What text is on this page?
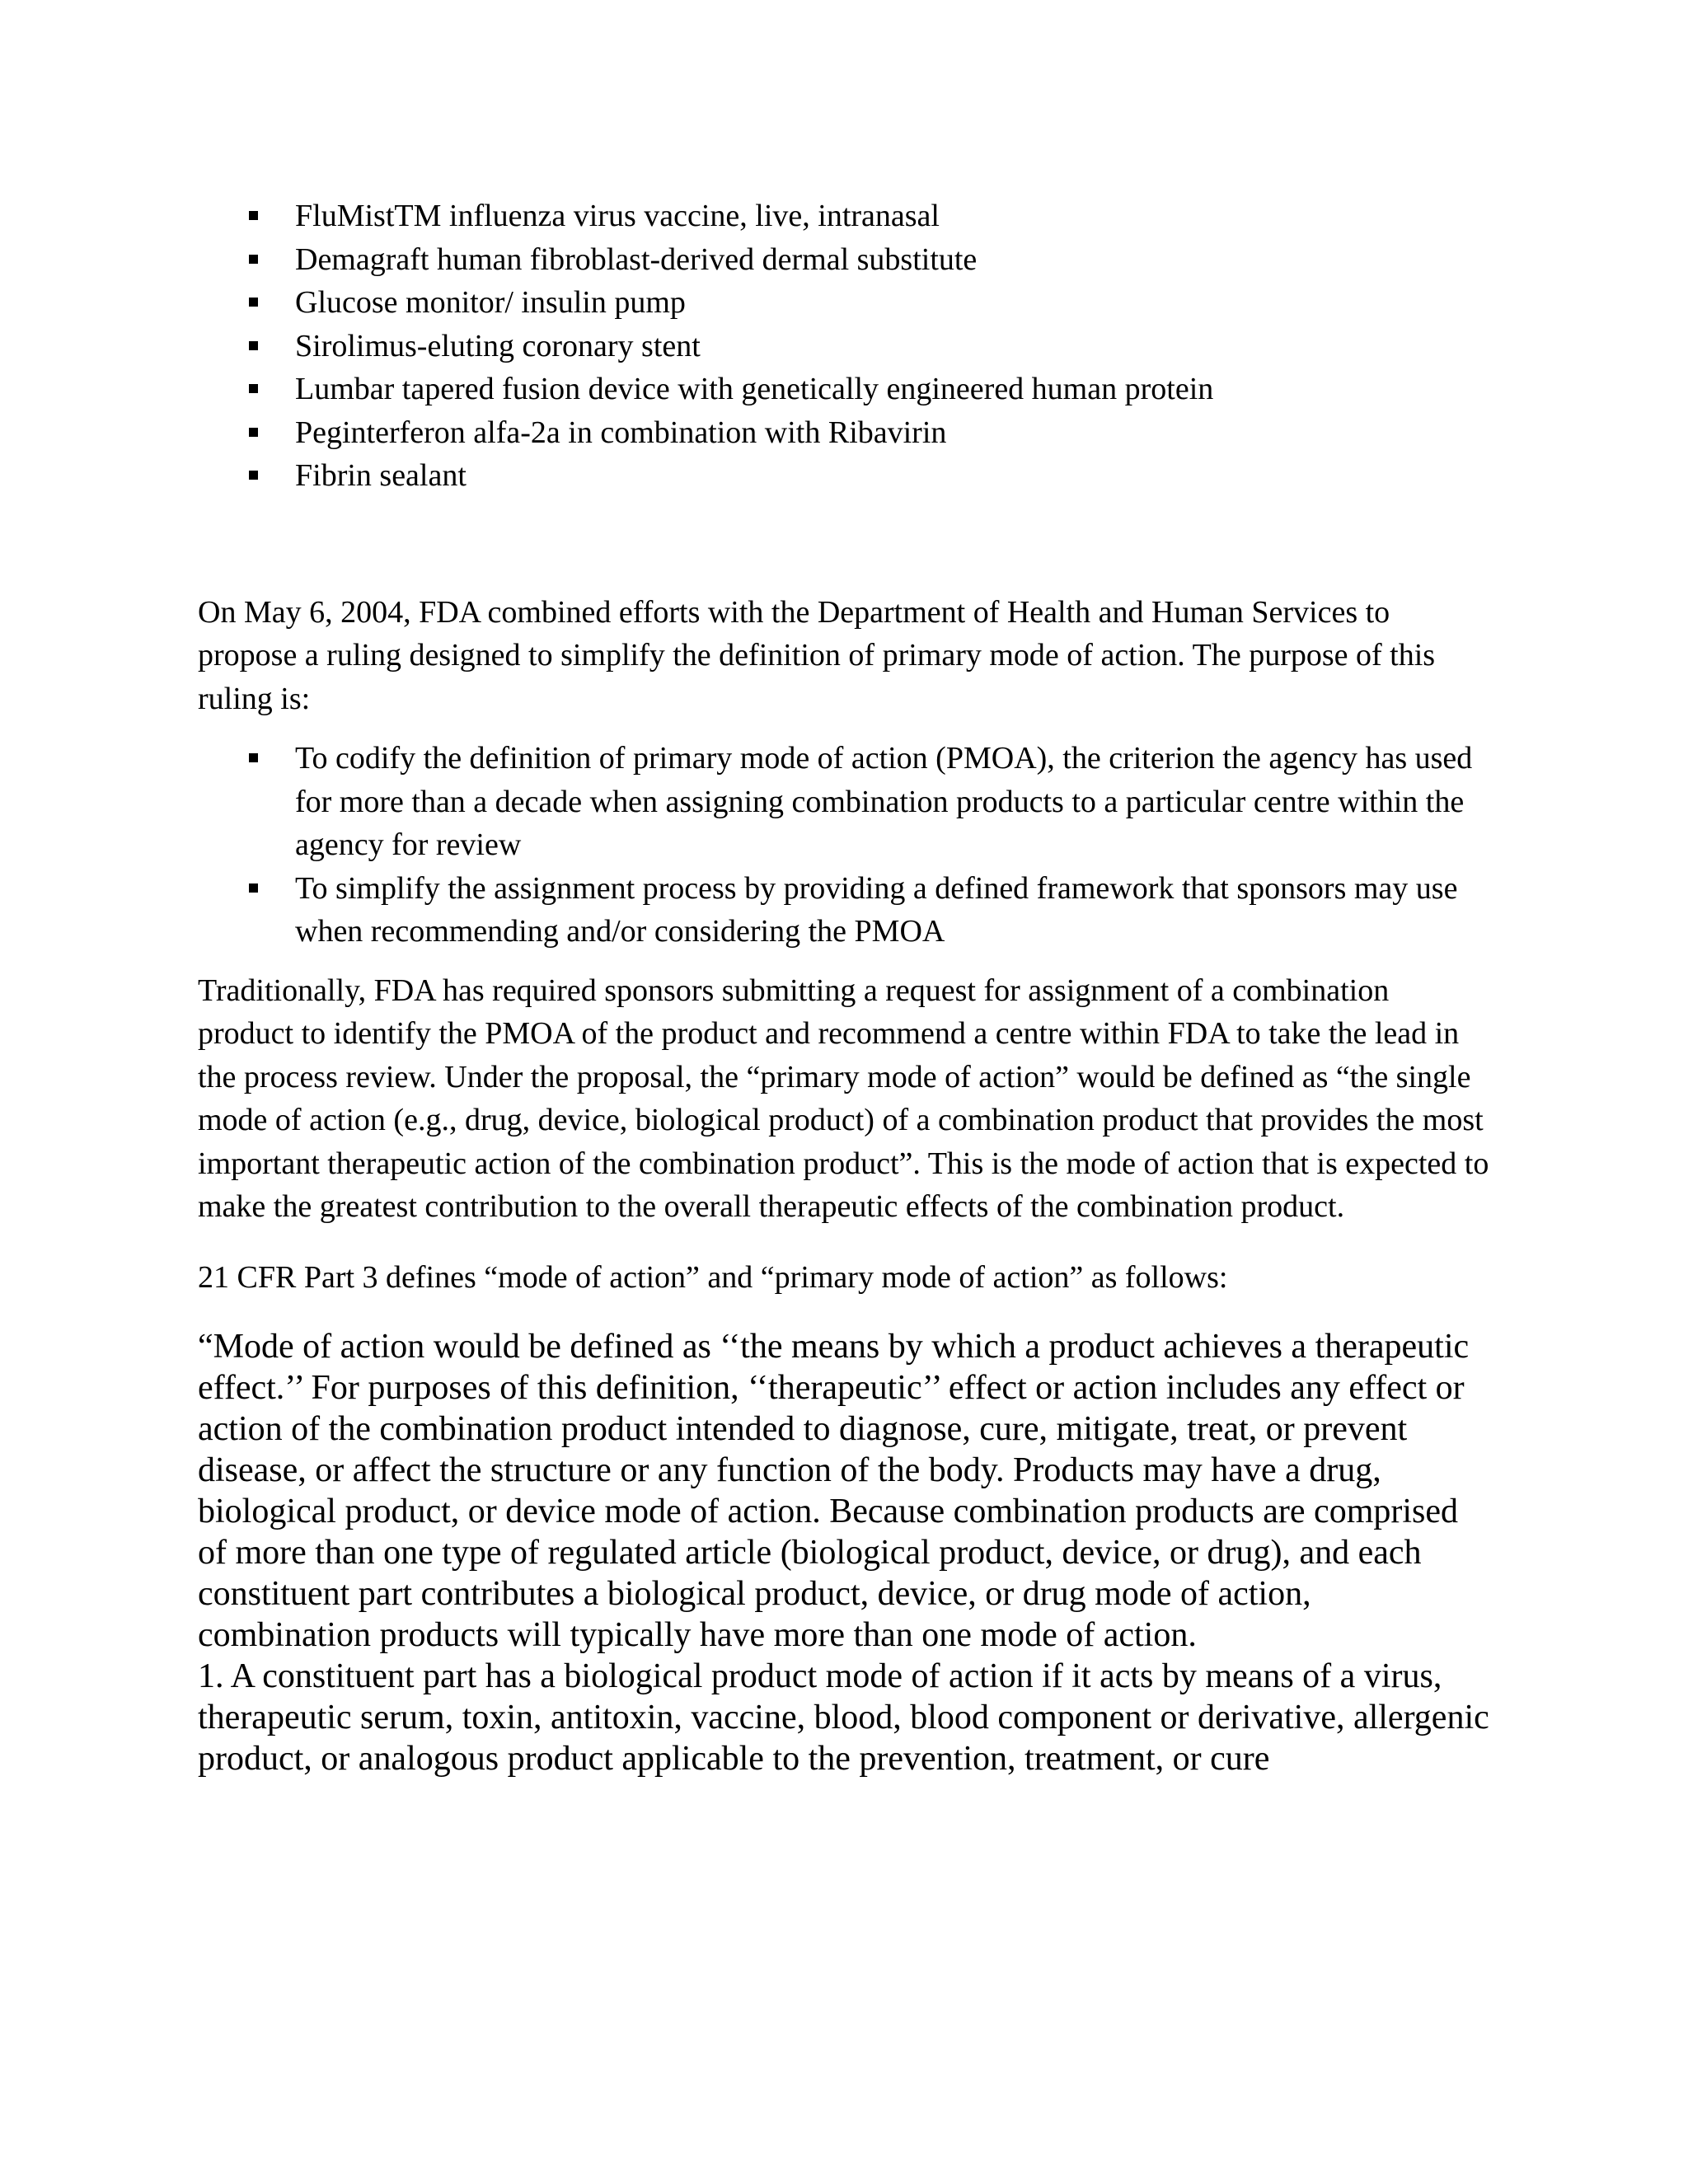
FluMistTM influenza virus vaccine, live, intranasal
Demagraft human fibroblast-derived dermal substitute
Glucose monitor/ insulin pump
Sirolimus-eluting coronary stent
Lumbar tapered fusion device with genetically engineered human protein
Peginterferon alfa-2a in combination with Ribavirin
Fibrin sealant

On May 6, 2004, FDA combined efforts with the Department of Health and Human Services to propose a ruling designed to simplify the definition of primary mode of action. The purpose of this ruling is:

To codify the definition of primary mode of action (PMOA), the criterion the agency has used for more than a decade when assigning combination products to a particular centre within the agency for review
To simplify the assignment process by providing a defined framework that sponsors may use when recommending and/or considering the PMOA

Traditionally, FDA has required sponsors submitting a request for assignment of a combination product to identify the PMOA of the product and recommend a centre within FDA to take the lead in the process review. Under the proposal, the “primary mode of action” would be defined as “the single mode of action (e.g., drug, device, biological product) of a combination product that provides the most important therapeutic action of the combination product”. This is the mode of action that is expected to make the greatest contribution to the overall therapeutic effects of the combination product.

21 CFR Part 3 defines “mode of action” and “primary mode of action” as follows:

“Mode of action would be defined as ‘‘the means by which a product achieves a therapeutic effect.’’ For purposes of this definition, ‘‘therapeutic’’ effect or action includes any effect or action of the combination product intended to diagnose, cure, mitigate, treat, or prevent disease, or affect the structure or any function of the body. Products may have a drug, biological product, or device mode of action. Because combination products are comprised of more than one type of regulated article (biological product, device, or drug), and each constituent part contributes a biological product, device, or drug mode of action, combination products will typically have more than one mode of action.

1. A constituent part has a biological product mode of action if it acts by means of a virus, therapeutic serum, toxin, antitoxin, vaccine, blood, blood component or derivative, allergenic product, or analogous product applicable to the prevention, treatment, or cure
